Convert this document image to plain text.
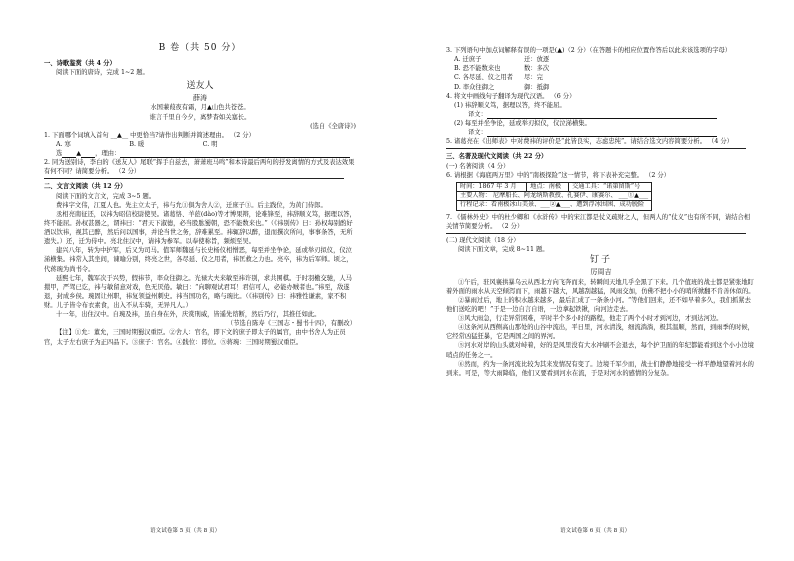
B 卷（共 50 分）
一、诗歌鉴赏（共 4 分）
阅读下面的唐诗，完成 1~2 题。
送友人
薛涛
水国蒹葭夜有霜，月▲山色共苍苍。
谁言千里自今夕，离梦杳如关塞长。
(选自《全唐诗》)
1. 下面哪个词填入首句 __▲__ 中更恰当?请作出判断并简述理由。 （2 分）
A. 寒	B. 暖	C. 明
选 ▲ ，理由：
2. 同为送别诗，李白的《送友人》尾联“挥手自兹去，萧萧班马鸣”和本诗最后两句的抒发离情的方式及表达效果有何不同？请简要分析。 （2 分）
二、文言文阅读（共 12 分）
阅读下面的文言文，完成 3~5 题。
费祎字文伟，江夏人也。先主立太子，祎与允①俱为舍人②，迁庶子③。后主践位，为黄门侍郎。
丞相亮南征还，以祎为昭信校尉使吴。诸葛恪、羊茝(dào)等才博果辩，论难锋至，祎辞顺义笃，据理以答，终不能屈。孙权甚器之，谓祎曰：“君天下淑德，必当股肱蜀朝，恐不能数来也。”（《祎别传》曰：孙权每别酌好酒以饮祎，视其已醉，然后问以国事，并论当世之务，辞难累至。祎辄辞以醉，退而撰次所问，事事条答，无所遗失。）还，迁为侍中。亮北住汉中，请祎为参军。以奉使称旨，频烦至吴。
建兴八年，转为中护军，后又为司马。值军师魏延与长史杨仪相憎恶，每至并坐争论，延或举刃拟仪，仪泣涕横集。祎常入其坐间，谏喻分别，终亮之世，各尽延、仪之用者，祎匡救之力也。亮卒，祎为后军师。顷之，代蒋琬为尚书令。
延熙七年，魏军次于兴势，假祎节，率众往御之。光禄大夫来敏至祎许别，求共围棋。于时羽檄交驰，人马擐甲，严驾已讫，祎与敏留意对戏，色无厌倦。敏曰：“向聊观试君耳！君信可人，必能办贼者也。”祎至，敌遂退，封成乡侯。琬固让州职，祎复领益州刺史。祎当国功名，略与琬比。（《祎别传》曰：祎雅性谦素，家不积财。儿子皆令布衣素食，出入不从车骑，无异凡人。）
十一年，出住汉中。自琬及祎，虽自身在外，庆赏刑威，皆遥先谘断，然后乃行，其推任如此。
（节选自陈寿《三国志・蜀书十四》，有删改）
【注】①允：董允，三国时期蜀汉重臣。②舍人：官名，即下文的庶子即太子的属官，由中书舍人为正员官，太子左右庶子为正四品下。③庶子：官名。④践位：即位。⑤蒋琬：三国时期蜀汉重臣。
语文试卷第 5 页（共 8 页）
3. 下列语句中加点词解释有误的一项是(▲)（2 分）（在答题卡的相应位置作答后以此来该选项的字母）
A. 迁庶子	迁：放逐
B. 恐不能数来也	数：多次
C. 各尽延、仪之用者	尽：完
D. 率众往御之	御：抵御
4. 将文中画线句子翻译为现代汉语。 （6 分）
(1) 祎辞顺义笃，据理以答，终不能屈。
译文：
(2) 每至并坐争论，延或举刃拟仪，仪泣涕横集。
译文：
5. 诸葛亮在《出师表》中对费祎的评价是“此皆良实，志虑忠纯”。请结合选文内容简要分析。 （4 分）
三、名著及现代文阅读（共 22 分）
(一) 名著阅读（4 分）
6. 请根据《海底两万里》中的“南极探险”这一情节，将下表补充完整。 （2 分）
时间：1867 年 3 月	地点：南极	交通工具：“诺第留斯”号
主要人物： 尼摩船长、阿龙纳斯教授、孔赛伊、康赛尔、 ___①▲___
行程记录：看南极冰山美景、___②▲___、遭到浮冰围困、成功脱险
7. 《儒林外史》中的杜少卿和《水浒传》中的宋江都是仗义疏财之人，但两人的“仗义”也有所不同，请结合相关情节简要分析。 （2 分）
(二) 现代文阅读（18 分）
阅读下面文章，完成 8~11 题。
钉子
厉周吉
①午后，驻风襄拱暴乌云从西北方向飞奔而来，转瞬间天地几乎全黑了下来。几个值班的战士都是紧张地盯着外面的雨水从天空倾泻而下，雨越下越大，风越刮越猛，风雨交加，仿佛不把小小的哨所掀翻不肯善休似的。
②暴雨过后，地上的积水越来越多，最后汇成了一条条小河。“等他们回来，还不如早着多久，我们抓紧去他们送吃的吧！”于是一边自言自语，一边拿起铁锹，向河边走去。
③风大雨急，行走异常困难，平时半个多小时的路程，他走了两个小时才到河边，才到达河边。
④这条河从西侧高山那处的山谷中流出，平日里，河水清浅，细流淌淌，极其温顺，然而，到雨季的时候，它经常凶猛狂暴，它是两国之间的界河。
⑤河水对岸的山头就对峙着，好的是风里没有大水冲刷不会退去，每个护卫面的年纪都能看到这个小小边境哨点的任务之一。
⑥然而，约为一条河流比较为其来发情况有变了。边境千军少而，战士们静静地接受一样平静地望着河水的到来。可是，等大雨降临，他们又要看到河水在流，于是对河水的感情的分复杂。
语文试卷第 6 页（共 8 页）
